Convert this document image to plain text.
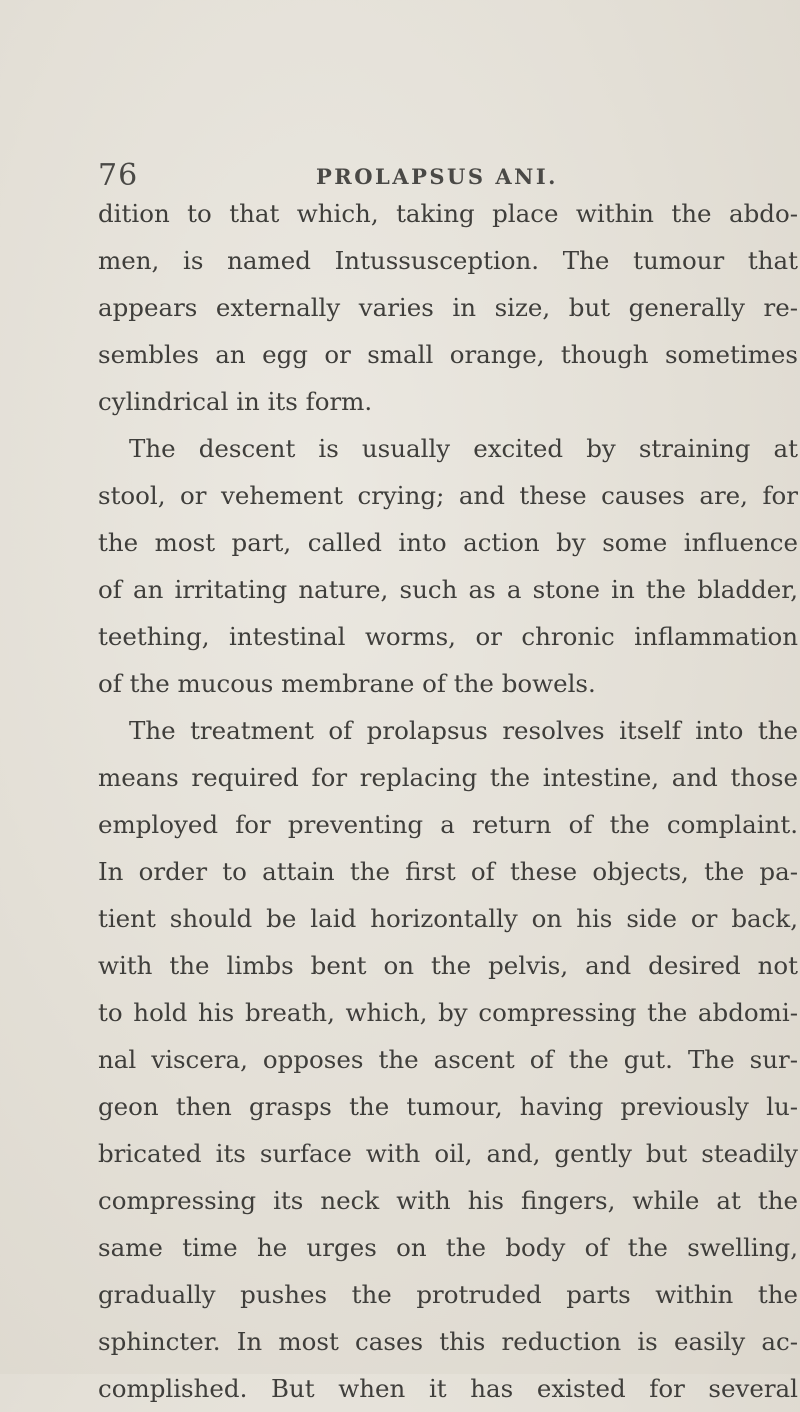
76	PROLAPSUS ANI.
dition to that which, taking place within the abdo-
men, is named Intussusception. The tumour that
appears externally varies in size, but generally re-
sembles an egg or small orange, though sometimes
cylindrical in its form.
The descent is usually excited by straining at
stool, or vehement crying; and these causes are, for
the most part, called into action by some influence
of an irritating nature, such as a stone in the bladder,
teething, intestinal worms, or chronic inflammation
of the mucous membrane of the bowels.
The treatment of prolapsus resolves itself into the
means required for replacing the intestine, and those
employed for preventing a return of the complaint.
In order to attain the first of these objects, the pa-
tient should be laid horizontally on his side or back,
with the limbs bent on the pelvis, and desired not
to hold his breath, which, by compressing the abdomi-
nal viscera, opposes the ascent of the gut. The sur-
geon then grasps the tumour, having previously lu-
bricated its surface with oil, and, gently but steadily
compressing its neck with his fingers, while at the
same time he urges on the body of the swelling,
gradually pushes the protruded parts within the
sphincter. In most cases this reduction is easily ac-
complished. But when it has existed for several
